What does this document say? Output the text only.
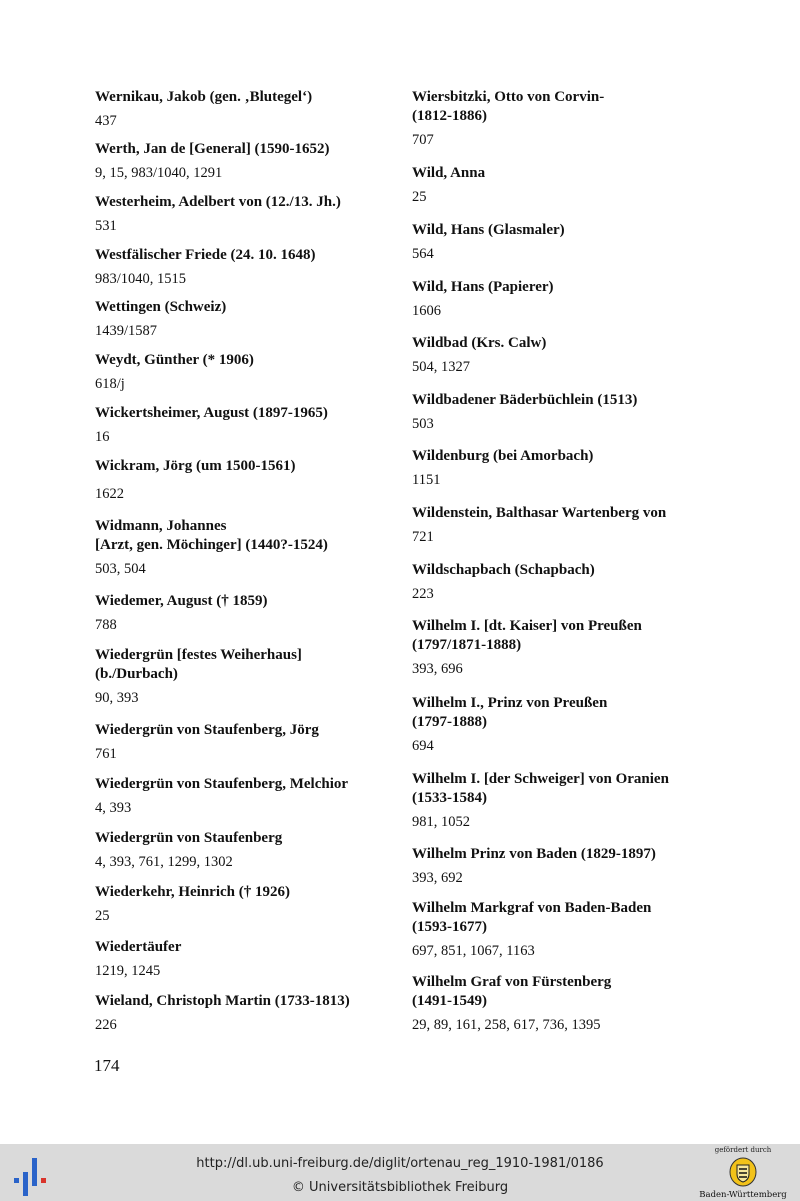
Wernikau, Jakob (gen. ‚Blutegel‘)
437
Werth, Jan de [General] (1590-1652)
9, 15, 983/1040, 1291
Westerheim, Adelbert von (12./13. Jh.)
531
Westfälischer Friede (24. 10. 1648)
983/1040, 1515
Wettingen (Schweiz)
1439/1587
Weydt, Günther (* 1906)
618/j
Wickertsheimer, August (1897-1965)
16
Wickram, Jörg (um 1500-1561)
1622
Widmann, Johannes
[Arzt, gen. Möchinger] (1440?-1524)
503, 504
Wiedemer, August († 1859)
788
Wiedergrün [festes Weiherhaus]
(b./Durbach)
90, 393
Wiedergrün von Staufenberg, Jörg
761
Wiedergrün von Staufenberg, Melchior
4, 393
Wiedergrün von Staufenberg
4, 393, 761, 1299, 1302
Wiederkehr, Heinrich († 1926)
25
Wiedertäufer
1219, 1245
Wieland, Christoph Martin (1733-1813)
226
Wiersbitzki, Otto von Corvin-
(1812-1886)
707
Wild, Anna
25
Wild, Hans (Glasmaler)
564
Wild, Hans (Papierer)
1606
Wildbad (Krs. Calw)
504, 1327
Wildbadener Bäderbüchlein (1513)
503
Wildenburg (bei Amorbach)
1151
Wildenstein, Balthasar Wartenberg von
721
Wildschapbach (Schapbach)
223
Wilhelm I. [dt. Kaiser] von Preußen
(1797/1871-1888)
393, 696
Wilhelm I., Prinz von Preußen
(1797-1888)
694
Wilhelm I. [der Schweiger] von Oranien
(1533-1584)
981, 1052
Wilhelm Prinz von Baden (1829-1897)
393, 692
Wilhelm Markgraf von Baden-Baden
(1593-1677)
697, 851, 1067, 1163
Wilhelm Graf von Fürstenberg
(1491-1549)
29, 89, 161, 258, 617, 736, 1395
174
http://dl.ub.uni-freiburg.de/diglit/ortenau_reg_1910-1981/0186
© Universitätsbibliothek Freiburg
gefördert durch
Baden-Württemberg
